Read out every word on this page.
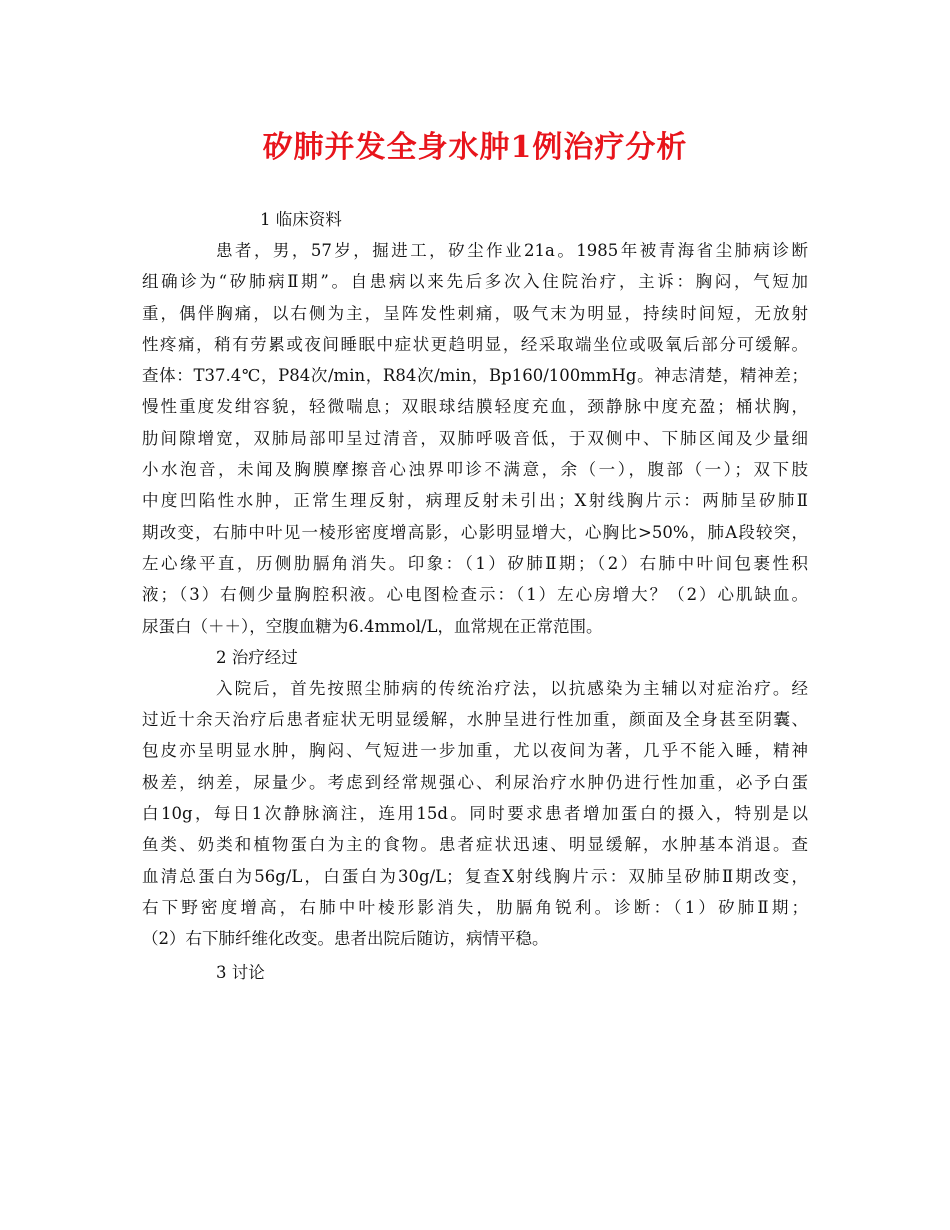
矽肺并发全身水肿1例治疗分析
1 临床资料

患者，男，57岁，掘进工，矽尘作业21a。1985年被青海省尘肺病诊断

组确诊为“矽肺病Ⅱ期”。自患病以来先后多次入住院治疗，主诉：胸闷，气短加

重，偶伴胸痛，以右侧为主，呈阵发性刺痛，吸气末为明显，持续时间短，无放射

性疼痛，稍有劳累或夜间睡眠中症状更趋明显，经采取端坐位或吸氧后部分可缓解。

查体：T37.4℃，P84次/min，R84次/min，Bp160/100mmHg。神志清楚，精神差；

慢性重度发绀容貌，轻微喘息；双眼球结膜轻度充血，颈静脉中度充盈；桶状胸，

肋间隙增宽，双肺局部叩呈过清音，双肺呼吸音低，于双侧中、下肺区闻及少量细

小水泡音，未闻及胸膜摩擦音心浊界叩诊不满意，余（一），腹部（一）；双下肢

中度凹陷性水肿，正常生理反射，病理反射未引出；X射线胸片示：两肺呈矽肺Ⅱ

期改变，右肺中叶见一棱形密度增高影，心影明显增大，心胸比>50%，肺A段较突，

左心缘平直，历侧肋膈角消失。印象：（1）矽肺Ⅱ期；（2）右肺中叶间包裹性积

液；（3）右侧少量胸腔积液。心电图检查示：（1）左心房增大？（2）心肌缺血。

尿蛋白（＋＋），空腹血糖为6.4mmol/L，血常规在正常范围。

2 治疗经过

入院后，首先按照尘肺病的传统治疗法，以抗感染为主辅以对症治疗。经

过近十余天治疗后患者症状无明显缓解，水肿呈进行性加重，颜面及全身甚至阴囊、

包皮亦呈明显水肿，胸闷、气短进一步加重，尤以夜间为著，几乎不能入睡，精神

极差，纳差，尿量少。考虑到经常规强心、利尿治疗水肿仍进行性加重，必予白蛋

白10g，每日1次静脉滴注，连用15d。同时要求患者增加蛋白的摄入，特别是以

鱼类、奶类和植物蛋白为主的食物。患者症状迅速、明显缓解，水肿基本消退。查

血清总蛋白为56g/L，白蛋白为30g/L；复查X射线胸片示：双肺呈矽肺Ⅱ期改变，

右下野密度增高，右肺中叶棱形影消失，肋膈角锐利。诊断：（1）矽肺Ⅱ期；

（2）右下肺纤维化改变。患者出院后随访，病情平稳。

3 讨论
